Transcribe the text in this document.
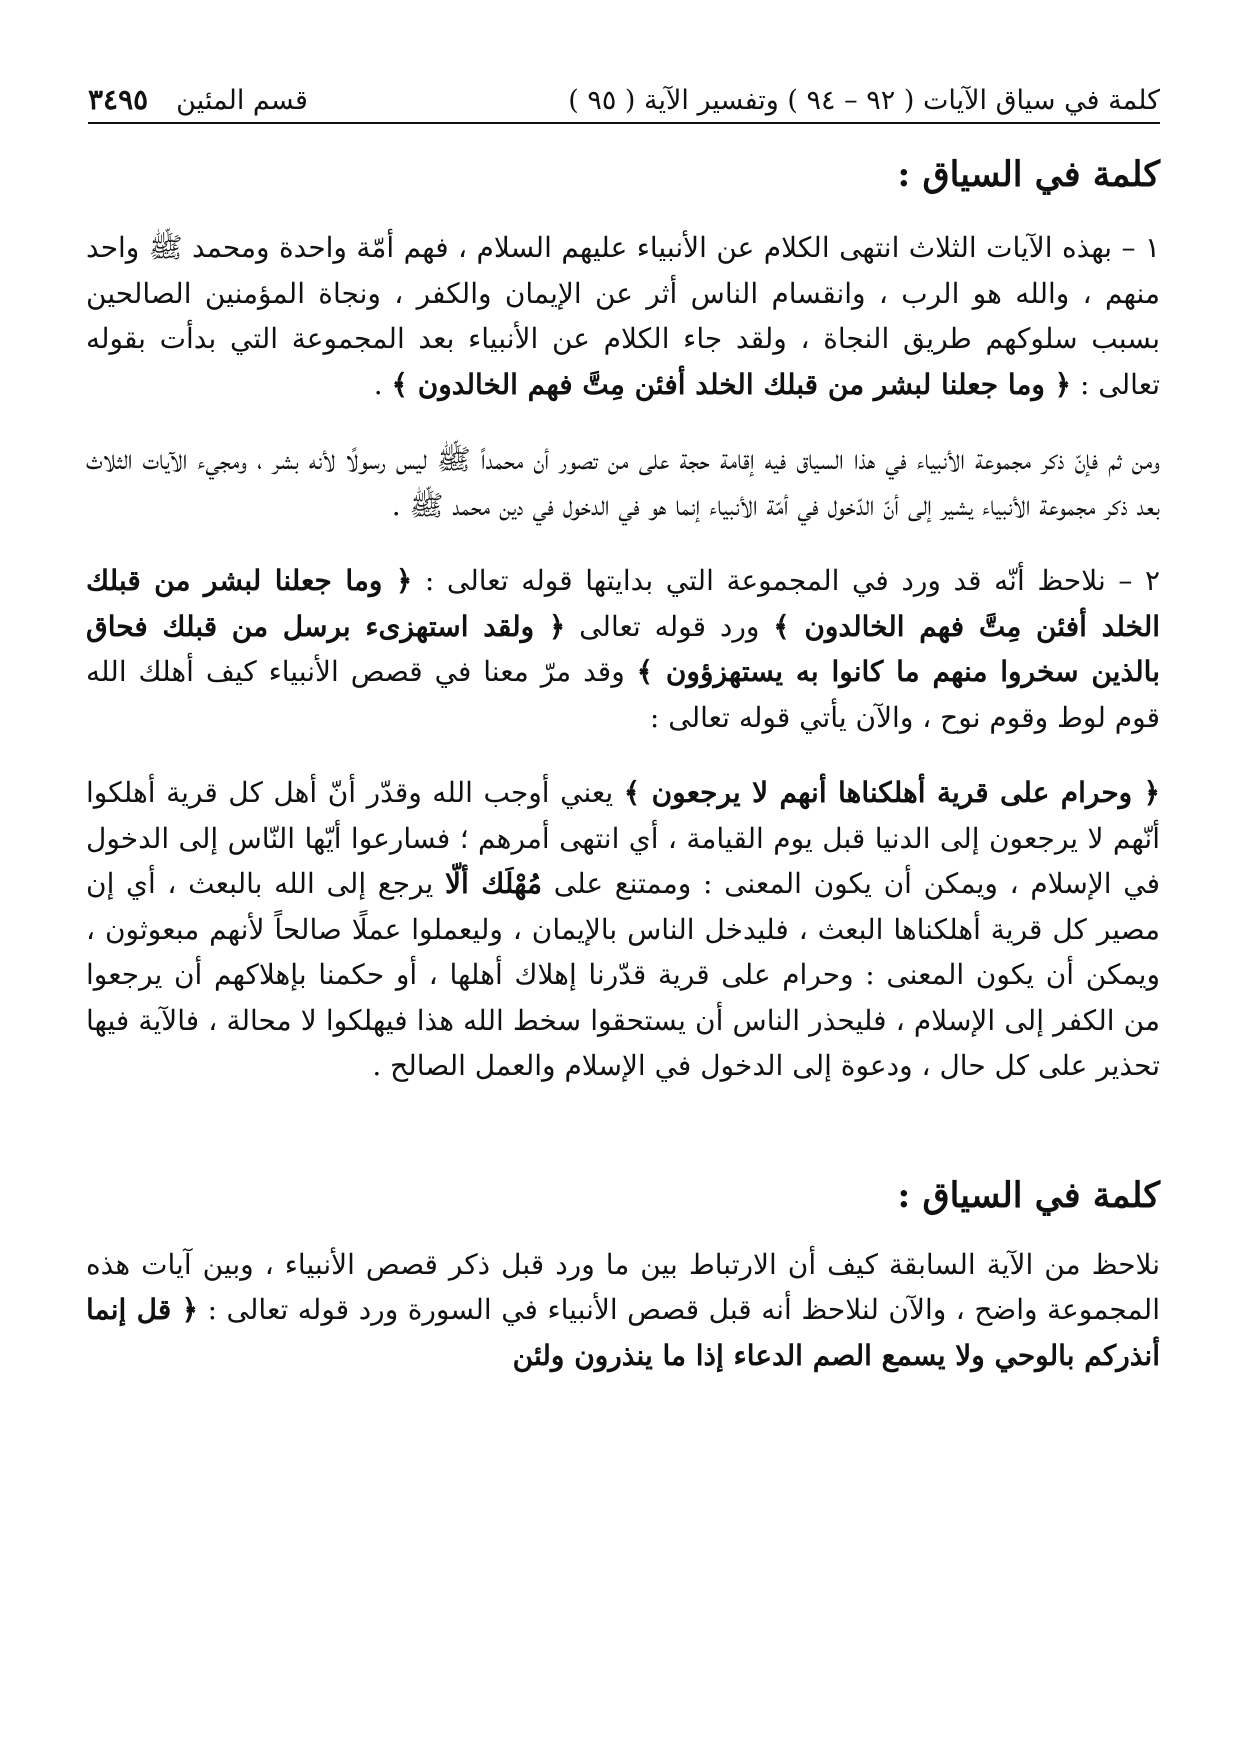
كلمة في سياق الآيات ( ٩٢ – ٩٤ ) وتفسير الآية ( ٩٥ )
قسم المئين
٣٤٩٥
كلمة في السياق :

١ – بهذه الآيات الثلاث انتهى الكلام عن الأنبياء عليهم السلام ، فهم أمّة واحدة ومحمد ﷺ واحد منهم ، والله هو الرب ، وانقسام الناس أثر عن الإيمان والكفر ، ونجاة المؤمنين الصالحين بسبب سلوكهم طريق النجاة ، ولقد جاء الكلام عن الأنبياء بعد المجموعة التي بدأت بقوله تعالى : ﴿ وما جعلنا لبشر من قبلك الخلد أفئن مِتَّ فهم الخالدون ﴾ .

ومن ثم فإنّ ذكر مجموعة الأنبياء في هذا السياق فيه إقامة حجة على من تصور أن محمداً ﷺ ليس رسولًا لأنه بشر ، ومجيء الآيات الثلاث بعد ذكر مجموعة الأنبياء يشير إلى أنّ الدّخول في أمّة الأنبياء إنما هو في الدخول في دين محمد ﷺ .

٢ – نلاحظ أنّه قد ورد في المجموعة التي بدايتها قوله تعالى : ﴿ وما جعلنا لبشر من قبلك الخلد أفئن مِتَّ فهم الخالدون ﴾ ورد قوله تعالى ﴿ ولقد استهزىء برسل من قبلك فحاق بالذين سخروا منهم ما كانوا به يستهزؤون ﴾ وقد مرّ معنا في قصص الأنبياء كيف أهلك الله قوم لوط وقوم نوح ، والآن يأتي قوله تعالى :

﴿ وحرام على قرية أهلكناها أنهم لا يرجعون ﴾ يعني أوجب الله وقدّر أنّ أهل كل قرية أهلكوا أنّهم لا يرجعون إلى الدنيا قبل يوم القيامة ، أي انتهى أمرهم ؛ فسارعوا أيّها النّاس إلى الدخول في الإسلام ، ويمكن أن يكون المعنى : وممتنع على مُهْلَك ألّا يرجع إلى الله بالبعث ، أي إن مصير كل قرية أهلكناها البعث ، فليدخل الناس بالإيمان ، وليعملوا عملًا صالحاً لأنهم مبعوثون ، ويمكن أن يكون المعنى : وحرام على قرية قدّرنا إهلاك أهلها ، أو حكمنا بإهلاكهم أن يرجعوا من الكفر إلى الإسلام ، فليحذر الناس أن يستحقوا سخط الله هذا فيهلكوا لا محالة ، فالآية فيها تحذير على كل حال ، ودعوة إلى الدخول في الإسلام والعمل الصالح .

كلمة في السياق :

نلاحظ من الآية السابقة كيف أن الارتباط بين ما ورد قبل ذكر قصص الأنبياء ، وبين آيات هذه المجموعة واضح ، والآن لنلاحظ أنه قبل قصص الأنبياء في السورة ورد قوله تعالى : ﴿ قل إنما أنذركم بالوحي ولا يسمع الصم الدعاء إذا ما ينذرون ولئن
